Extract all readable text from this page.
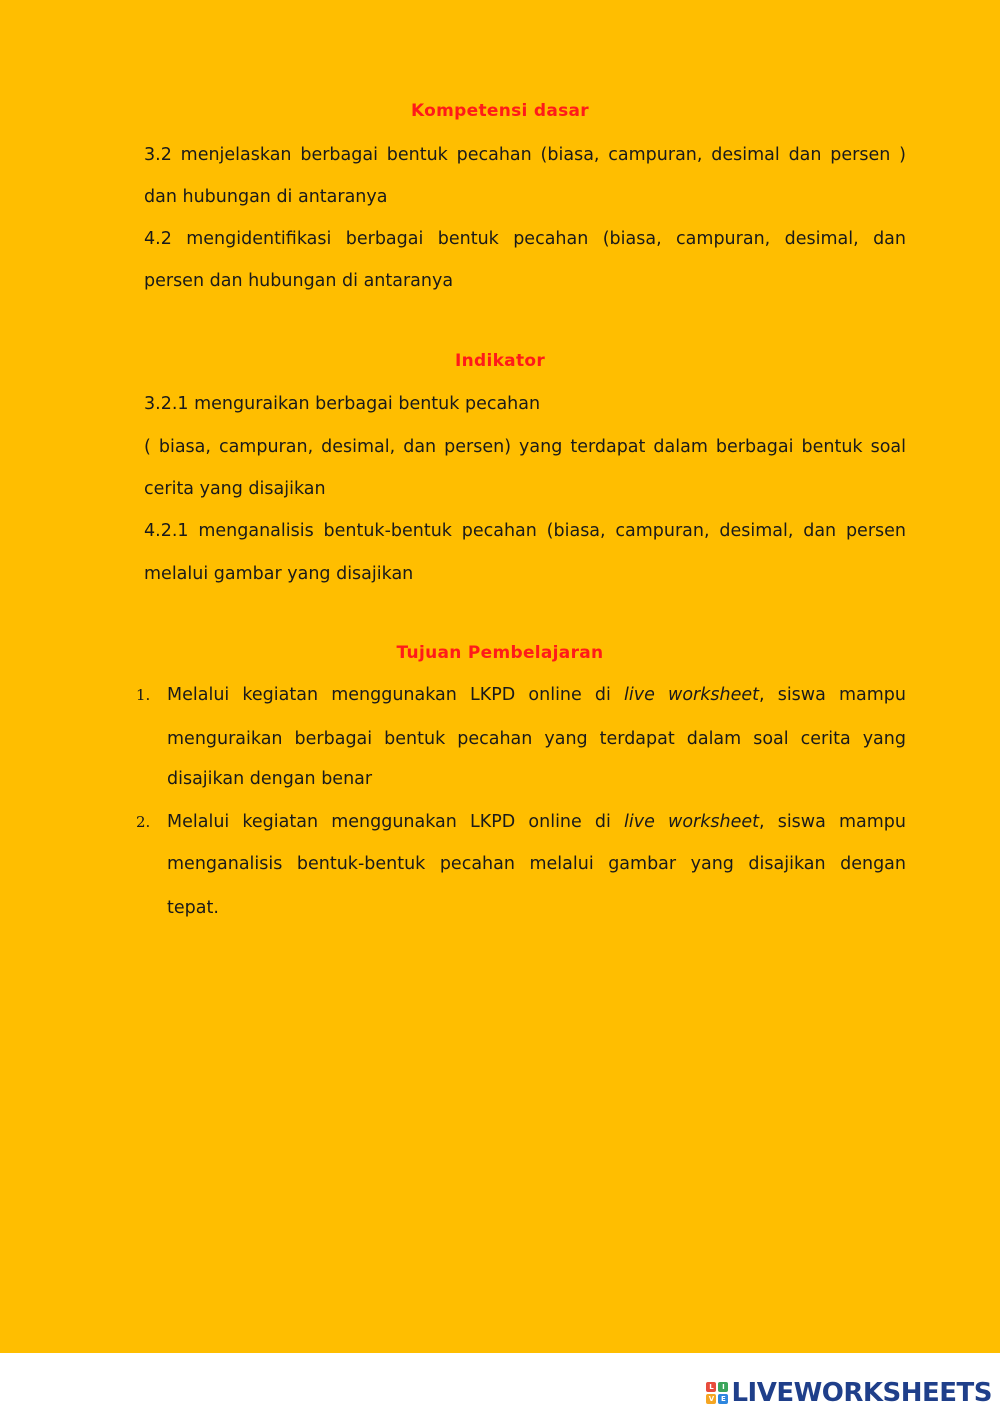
Kompetensi dasar
3.2 menjelaskan berbagai bentuk pecahan (biasa, campuran, desimal dan persen )
dan hubungan di antaranya
4.2 mengidentifikasi berbagai bentuk pecahan (biasa, campuran, desimal, dan
persen dan hubungan di antaranya
Indikator
3.2.1 menguraikan berbagai bentuk pecahan
( biasa, campuran, desimal, dan persen) yang terdapat dalam berbagai bentuk soal
cerita yang disajikan
4.2.1 menganalisis bentuk-bentuk pecahan (biasa, campuran, desimal, dan persen
melalui gambar yang disajikan
Tujuan Pembelajaran
1. Melalui kegiatan menggunakan LKPD online di live worksheet, siswa mampu
menguraikan berbagai bentuk pecahan yang terdapat dalam soal cerita yang
disajikan dengan benar
2. Melalui kegiatan menggunakan LKPD online di live worksheet, siswa mampu
menganalisis bentuk-bentuk pecahan melalui gambar yang disajikan dengan
tepat.
L	I
V E LIVEWORKSHEETS
